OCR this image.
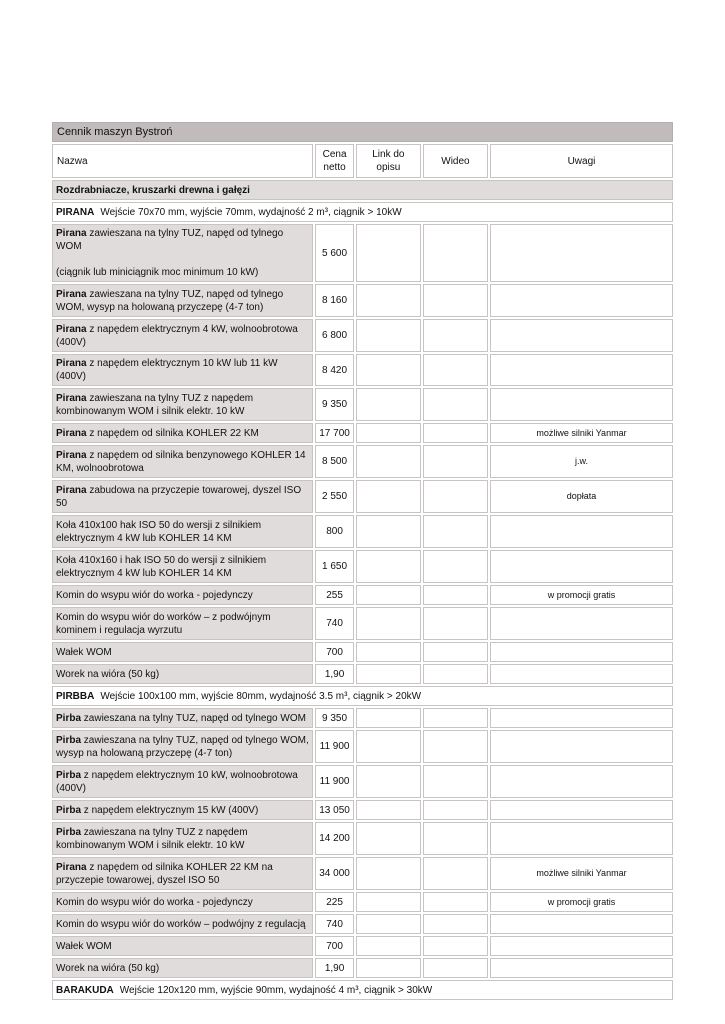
Cennik maszyn Bystroń				
Nazwa	Cena netto	Link do opisu	Wideo	Uwagi
Rozdrabniacze, kruszarki drewna i gałęzi				
PIRANA Wejście 70x70 mm, wyjście 70mm, wydajność 2 m³, ciągnik > 10kW				
Pirana zawieszana na tylny TUZ, napęd od tylnego WOM
(ciągnik lub miniciągnik moc minimum 10 kW)	5 600			
Pirana zawieszana na tylny TUZ, napęd od tylnego WOM, wysyp na holowaną przyczepę (4-7 ton)	8 160			
Pirana z napędem elektrycznym 4 kW, wolnoobrotowa (400V)	6 800			
Pirana z napędem elektrycznym 10 kW lub 11 kW (400V)	8 420			
Pirana zawieszana na tylny TUZ z napędem kombinowanym WOM i silnik elektr. 10 kW	9 350			
Pirana z napędem od silnika KOHLER 22 KM	17 700			możliwe silniki Yanmar
Pirana z napędem od silnika benzynowego KOHLER 14 KM, wolnoobrotowa	8 500			j.w.
Pirana zabudowa na przyczepie towarowej, dyszel ISO 50	2 550			dopłata
Koła 410x100 hak ISO 50 do wersji z silnikiem elektrycznym 4 kW lub KOHLER 14 KM	800			
Koła 410x160 i hak ISO 50 do wersji z silnikiem elektrycznym 4 kW lub KOHLER 14 KM	1 650			
Komin do wsypu wiór do worka - pojedynczy	255			w promocji gratis
Komin do wsypu wiór do worków – z podwójnym kominem i regulacja wyrzutu	740			
Wałek WOM	700			
Worek na wióra (50 kg)	1,90			
PIRBBA Wejście 100x100 mm, wyjście 80mm, wydajność 3.5 m³, ciągnik > 20kW				
Pirba zawieszana na tylny TUZ, napęd od tylnego WOM	9 350			
Pirba zawieszana na tylny TUZ, napęd od tylnego WOM, wysyp na holowaną przyczepę (4-7 ton)	11 900			
Pirba z napędem elektrycznym 10 kW, wolnoobrotowa (400V)	11 900			
Pirba z napędem elektrycznym 15 kW (400V)	13 050			
Pirba zawieszana na tylny TUZ z napędem kombinowanym WOM i silnik elektr. 10 kW	14 200			
Pirana z napędem od silnika KOHLER 22 KM na przyczepie towarowej, dyszel ISO 50	34 000			możliwe silniki Yanmar
Komin do wsypu wiór do worka - pojedynczy	225			w promocji gratis
Komin do wsypu wiór do worków – podwójny z regulacją	740			
Wałek WOM	700			
Worek na wióra (50 kg)	1,90			
BARAKUDA Wejście 120x120 mm, wyjście 90mm, wydajność 4 m³, ciągnik > 30kW				
